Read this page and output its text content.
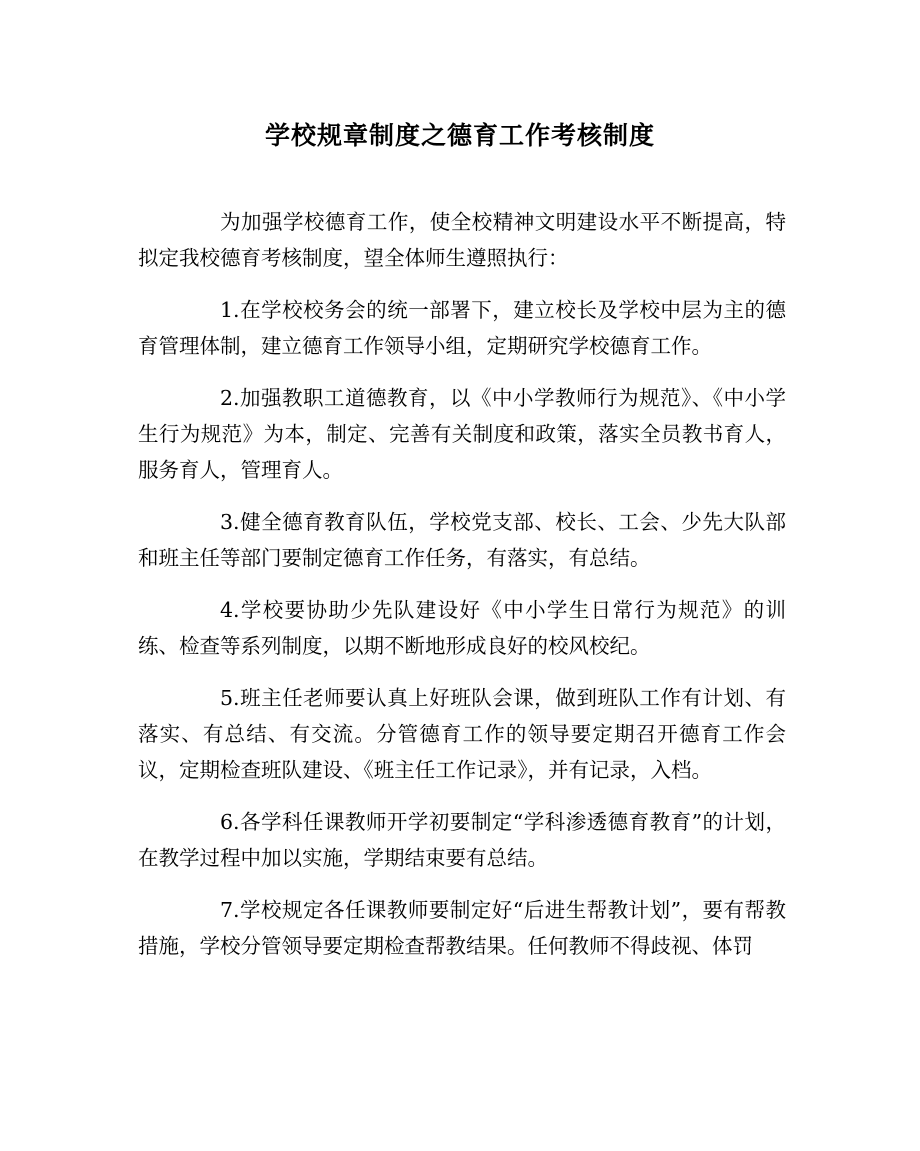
学校规章制度之德育工作考核制度

为加强学校德育工作，使全校精神文明建设水平不断提高，特拟定我校德育考核制度，望全体师生遵照执行：

1.在学校校务会的统一部署下，建立校长及学校中层为主的德育管理体制，建立德育工作领导小组，定期研究学校德育工作。

2.加强教职工道德教育，以《中小学教师行为规范》、《中小学生行为规范》为本，制定、完善有关制度和政策，落实全员教书育人，服务育人，管理育人。

3.健全德育教育队伍，学校党支部、校长、工会、少先大队部和班主任等部门要制定德育工作任务，有落实，有总结。

4.学校要协助少先队建设好《中小学生日常行为规范》的训练、检查等系列制度，以期不断地形成良好的校风校纪。

5.班主任老师要认真上好班队会课，做到班队工作有计划、有落实、有总结、有交流。分管德育工作的领导要定期召开德育工作会议，定期检查班队建设、《班主任工作记录》，并有记录，入档。

6.各学科任课教师开学初要制定“学科渗透德育教育”的计划，在教学过程中加以实施，学期结束要有总结。

7.学校规定各任课教师要制定好“后进生帮教计划”，要有帮教措施，学校分管领导要定期检查帮教结果。任何教师不得歧视、体罚
